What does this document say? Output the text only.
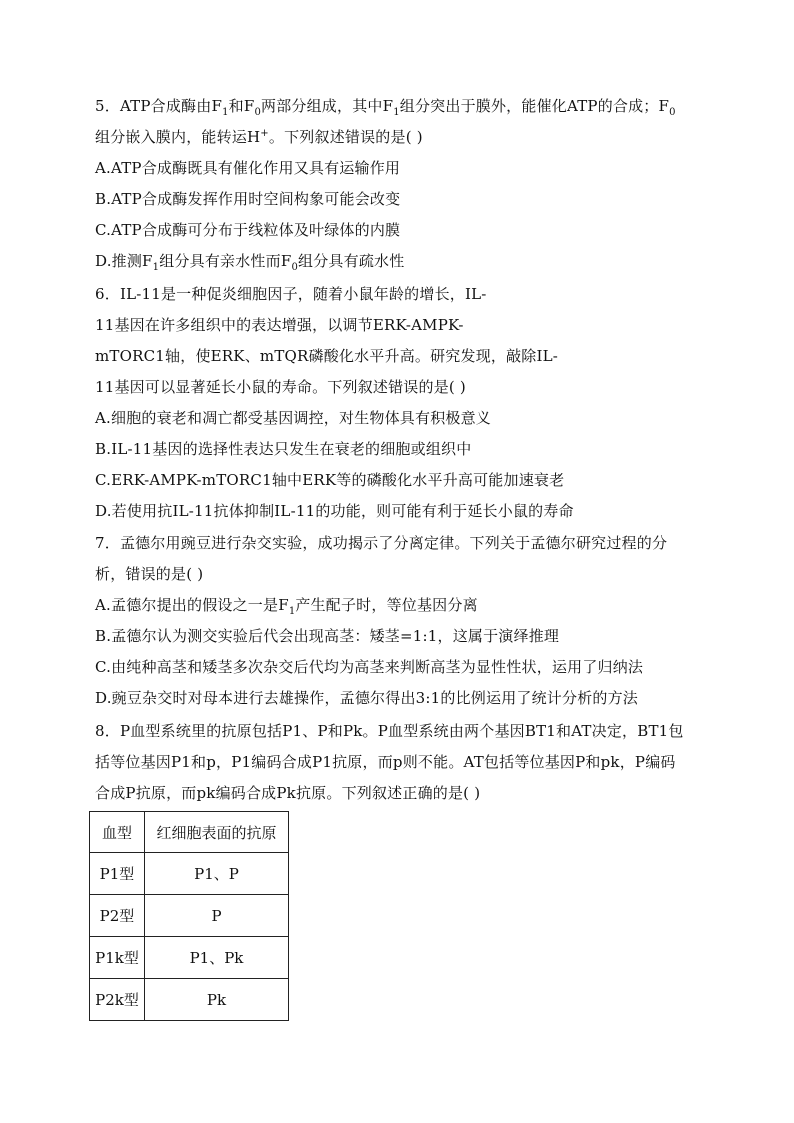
5．ATP合成酶由$F_1$和$F_0$两部分组成，其中$F_1$组分突出于膜外，能催化ATP的合成；$F_0$
组分嵌入膜内，能转运H+。下列叙述错误的是( )
A.ATP合成酶既具有催化作用又具有运输作用
B.ATP合成酶发挥作用时空间构象可能会改变
C.ATP合成酶可分布于线粒体及叶绿体的内膜
D.推测$F_1$组分具有亲水性而$F_0$组分具有疏水性
6．IL-11是一种促炎细胞因子，随着小鼠年龄的增长，IL-
11基因在许多组织中的表达增强，以调节ERK-AMPK-
mTORC1轴，使ERK、mTQR磷酸化水平升高。研究发现，敲除IL-
11基因可以显著延长小鼠的寿命。下列叙述错误的是( )
A.细胞的衰老和凋亡都受基因调控，对生物体具有积极意义
B.IL-11基因的选择性表达只发生在衰老的细胞或组织中
C.ERK-AMPK-mTORC1轴中ERK等的磷酸化水平升高可能加速衰老
D.若使用抗IL-11抗体抑制IL-11的功能，则可能有利于延长小鼠的寿命
7．孟德尔用豌豆进行杂交实验，成功揭示了分离定律。下列关于孟德尔研究过程的分
析，错误的是( )
A.孟德尔提出的假设之一是$F_1$产生配子时，等位基因分离
B.孟德尔认为测交实验后代会出现高茎：矮茎=1:1，这属于演绎推理
C.由纯种高茎和矮茎多次杂交后代均为高茎来判断高茎为显性性状，运用了归纳法
D.豌豆杂交时对母本进行去雄操作，孟德尔得出3:1的比例运用了统计分析的方法
8．P血型系统里的抗原包括P1、P和Pk。P血型系统由两个基因BT1和AT决定，BT1包
括等位基因P1和p，P1编码合成P1抗原，而p则不能。AT包括等位基因P和pk，P编码
合成P抗原，而pk编码合成Pk抗原。下列叙述正确的是( )
血型	红细胞表面的抗原
P1型	P1、P
P2型	P
P1k型	P1、Pk
P2k型	Pk
